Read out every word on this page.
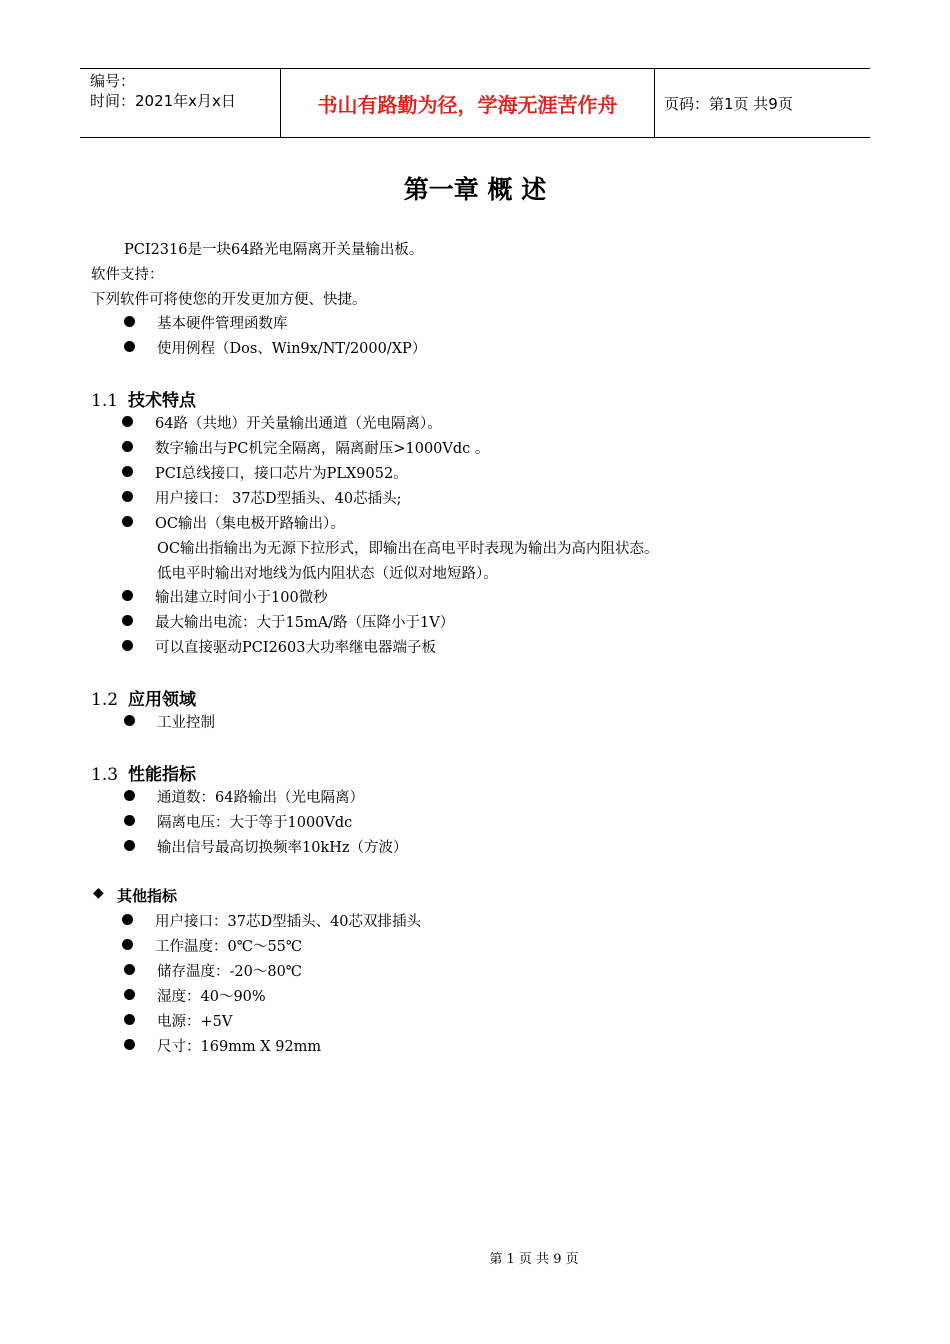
编号：
时间：2021年x月x日	书山有路勤为径，学海无涯苦作舟	页码：第1页 共9页
第一章 概 述
PCI2316是一块64路光电隔离开关量输出板。
软件支持：
下列软件可将使您的开发更加方便、快捷。
基本硬件管理函数库
使用例程（Dos、Win9x/NT/2000/XP）
1.1 技术特点
64路（共地）开关量输出通道（光电隔离）。
数字输出与PC机完全隔离，隔离耐压>1000Vdc 。
PCI总线接口，接口芯片为PLX9052。
用户接口： 37芯D型插头、40芯插头;
OC输出（集电极开路输出）。
OC输出指输出为无源下拉形式，即输出在高电平时表现为输出为高内阻状态。
低电平时输出对地线为低内阻状态（近似对地短路）。
输出建立时间小于100微秒
最大输出电流：大于15mA/路（压降小于1V）
可以直接驱动PCI2603大功率继电器端子板
1.2 应用领域
工业控制
1.3 性能指标
通道数：64路输出（光电隔离）
隔离电压：大于等于1000Vdc
输出信号最高切换频率10kHz（方波）
◆ 其他指标
用户接口：37芯D型插头、40芯双排插头
工作温度：0℃～55℃
储存温度：-20～80℃
湿度：40～90%
电源：+5V
尺寸：169mm X 92mm
第 1 页 共 9 页
